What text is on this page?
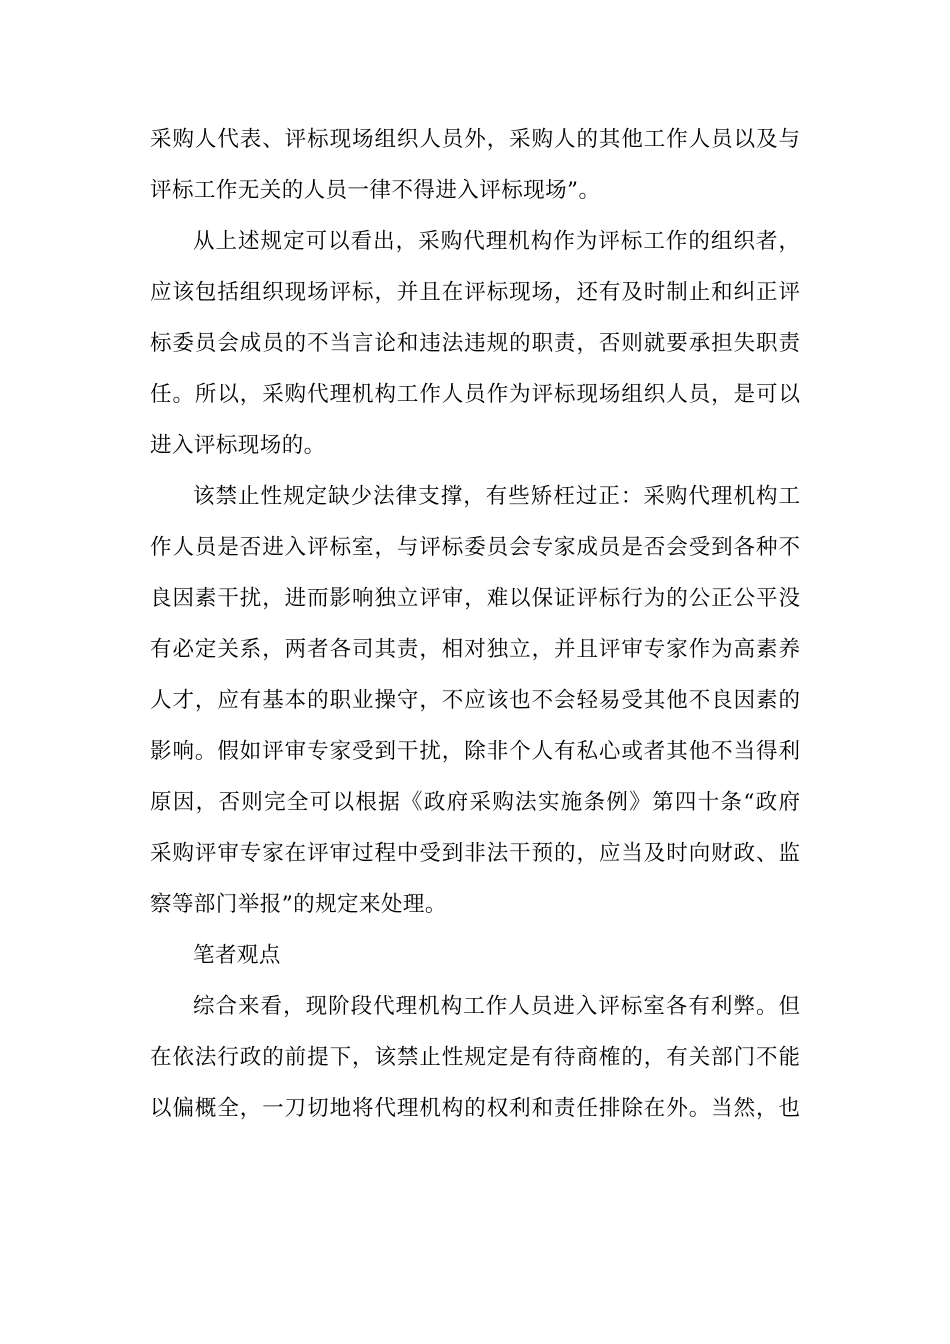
采购人代表、评标现场组织人员外，采购人的其他工作人员以及与
评标工作无关的人员一律不得进入评标现场”。
从上述规定可以看出，采购代理机构作为评标工作的组织者，
应该包括组织现场评标，并且在评标现场，还有及时制止和纠正评
标委员会成员的不当言论和违法违规的职责，否则就要承担失职责
任。所以，采购代理机构工作人员作为评标现场组织人员，是可以
进入评标现场的。
该禁止性规定缺少法律支撑，有些矫枉过正：采购代理机构工
作人员是否进入评标室，与评标委员会专家成员是否会受到各种不
良因素干扰，进而影响独立评审，难以保证评标行为的公正公平没
有必定关系，两者各司其责，相对独立，并且评审专家作为高素养
人才，应有基本的职业操守，不应该也不会轻易受其他不良因素的
影响。假如评审专家受到干扰，除非个人有私心或者其他不当得利
原因，否则完全可以根据《政府采购法实施条例》第四十条“政府
采购评审专家在评审过程中受到非法干预的，应当及时向财政、监
察等部门举报”的规定来处理。
笔者观点
综合来看，现阶段代理机构工作人员进入评标室各有利弊。但
在依法行政的前提下，该禁止性规定是有待商榷的，有关部门不能
以偏概全，一刀切地将代理机构的权利和责任排除在外。当然，也
